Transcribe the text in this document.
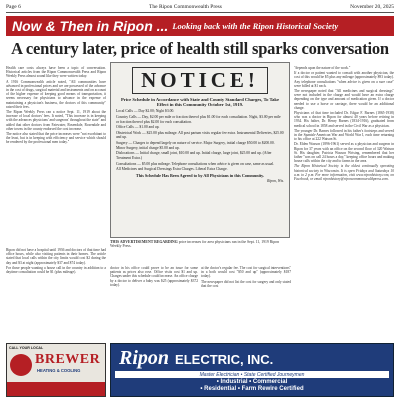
Page 6	The Ripon Commonwealth Press	November 20, 2025
Now & Then in Ripon ... Looking back with the Ripon Historical Society
A century later, price of health still sparks conversation

Health care costs always have been a topic of conversation. Historical articles from the Ripon Commonwealth Press and Ripon Weekly Press almost sound like they were written today.

A 1916 Commonwealth article noted, "All communities have advanced in professional prices and we are possessed of the advance in the cost of drugs, surgical material and instruments and on account of the higher expense of keeping good means of transportation, it seems necessary for physicians to advance in the expense of maintaining a physician's business, the doctors of this community" raised their fees.

The Ripon Weekly Press ran a notice Sept. 11, 1919 about the increase of local doctors' fees. It noted, "This increase is in keeping with the advances physicians' and surgeons' throughout the state" and added that other doctors from Fairwater, Rosendale, Rosendale and other towns in the county endorsed the cost increase.

The notice also stated that the price increases were "not exorbitant to the least, but is in keeping with efficiency and service which should be rendered by the professional men today."

NOTICE!
Price Schedule in Accordance with State and County Standard Charges, To Take Effect in this Community October 1st, 1919.
Local Calls — Day $2.00; Night $3.00.
Country Calls — Day, $2.00 per mile or fraction thereof plus $1.00 for each consultation. Night, $3.00 per mile or fraction thereof plus $2.00 for each consultation.
Office Calls — $1.00 and up.
Obstetrical Work — $25.00 plus mileage. All post partum visits regular fee extra. Instrumental Deliveries, $25.00 and up.
Surgery — Charges to depend largely on nature of service. Major Surgery, initial charge $50.00 to $200.00. Minor Surgery, initial charge $5.00 and up.
Dislocations — Initial charge, small joint, $10.00 and up. Initial charge, large joint, $25.00 and up. (After Treatment Extra.)
Consultations — $5.00 plus mileage. Telephone consultations when advice is given on case, same as usual.
All Medicines and Surgical Dressings Extra Charges. Liberal Extra Charge.
This Schedule Has Been Agreed to by All Physicians in this Community.
Ripon, Wis.
THIS ADVERTISEMENT REGARDING price increases for area physicians ran in the Sept. 11, 1919 Ripon Weekly Press.

Ripon did not have a hospital until 1936 and doctors of that time had office hours, while also visiting patients in their homes. The article stated that local calls within the city limits would cost $2 during the day and $3 at night (approximately $37 and $74 today).

For those people wanting a house call in the country in addition to a daytime consultation could be $1 (plus mileage).

doctor in his office could prove to be an issue for some patients as prices also rose. Office visits cost $1 and up. Charges under this schedule could increase. An office charge by a doctor to deliver a baby was $25 (approximately $372 today).

at the doctor's regular fee. The cost for surgical interventions" in a both would cost "$50 and up" (approximately $187 today).

The newspaper did not list the cost for surgery and only stated that the cost

"depends upon the nature of the work."

If a doctor or patient wanted to consult with another physician, the cost of this would be $5 plus any mileage (approximately $93 today). Any telephone consultations "when advice is given on a sure case" were billed at $1 each.

The newspaper noted that "All medicines and surgical dressings" were not included in the charge and would have an extra charge depending on the type and amount of medication given. If a doctor needed to use a horse or carriage, there would be an additional charge.

Physicians of that time included Dr. Edgar F. Barnes (1865-1938) who was a doctor in Ripon for almost 40 years before retiring in 1934. His father, Dr. Henry Barnes (1834-1916), graduated from medical school in 1858 and served in the Civil War as a physician.

The younger Dr. Barnes followed in his father's footsteps and served in the Spanish-American War and World War I, each time returning to his office at 222 Watson St.

Dr. Elden Wasson (1896-1961) served as a physician and surgeon in Ripon for 37 years with an office on the second floor of 320 Watson St. His daughter, Patricia Wasson Wrising, remembered that her father "was on call 24 hours a day," keeping office hours and making house calls within the city and to farms in the area.

The Ripon Historical Society is the oldest continually operating historical society in Wisconsin. It is open Fridays and Saturdays 10 a.m. to 2 p.m. For more information, visit www.riponhistory.com, on Facebook, or email riponhistory@riponcommonwealthpress.com.

CALL YOUR LOCAL
BREWER
HEATING & COOLING
Ripon ELECTRIC, INC.
Master Electrician • State Certified Journeymen
• Industrial • Commercial
• Residential • Farm Rewire Certified
